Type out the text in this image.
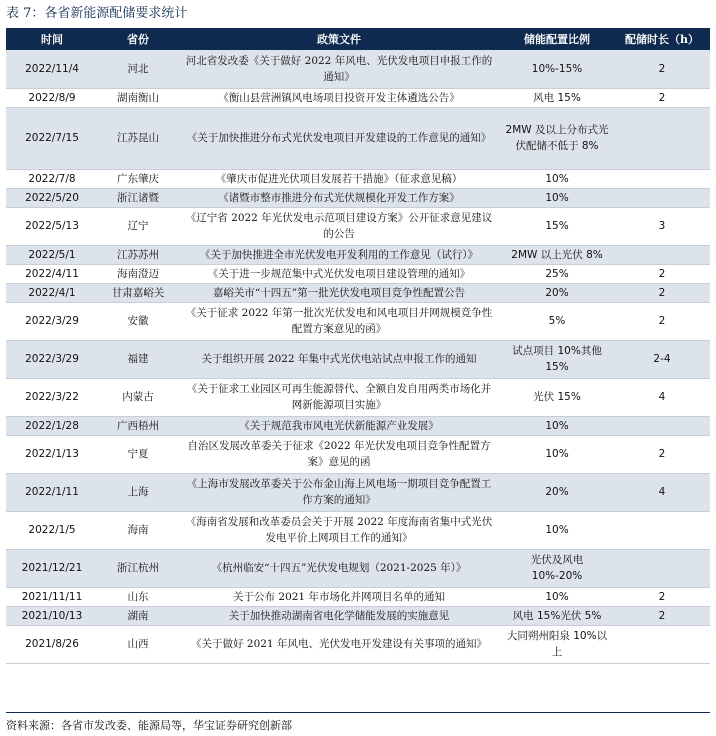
表 7：各省新能源配储要求统计
时间	省份	政策文件	储能配置比例	配储时长（h）
2022/11/4	河北	河北省发改委《关于做好 2022 年风电、光伏发电项目申报工作的通知》	10%-15%	2
2022/8/9	湖南衡山	《衡山县营洲镇风电场项目投资开发主体遴选公告》	风电 15%	2
2022/7/15	江苏昆山	《关于加快推进分布式光伏发电项目开发建设的工作意见的通知》	2MW 及以上分布式光伏配储不低于 8%	
2022/7/8	广东肇庆	《肇庆市促进光伏项目发展若干措施》（征求意见稿）	10%	
2022/5/20	浙江诸暨	《诸暨市整市推进分布式光伏规模化开发工作方案》	10%	
2022/5/13	辽宁	《辽宁省 2022 年光伏发电示范项目建设方案》公开征求意见建议的公告	15%	3
2022/5/1	江苏苏州	《关于加快推进全市光伏发电开发利用的工作意见（试行）》	2MW 以上光伏 8%	
2022/4/11	海南澄迈	《关于进一步规范集中式光伏发电项目建设管理的通知》	25%	2
2022/4/1	甘肃嘉峪关	嘉峪关市“十四五”第一批光伏发电项目竞争性配置公告	20%	2
2022/3/29	安徽	《关于征求 2022 年第一批次光伏发电和风电项目并网规模竞争性配置方案意见的函》	5%	2
2022/3/29	福建	关于组织开展 2022 年集中式光伏电站试点申报工作的通知	试点项目 10%其他 15%	2-4
2022/3/22	内蒙古	《关于征求工业园区可再生能源替代、全额自发自用两类市场化并网新能源项目实施》	光伏 15%	4
2022/1/28	广西梧州	《关于规范我市风电光伏新能源产业发展》	10%	
2022/1/13	宁夏	自治区发展改革委关于征求《2022 年光伏发电项目竞争性配置方案》意见的函	10%	2
2022/1/11	上海	《上海市发展改革委关于公布金山海上风电场一期项目竞争配置工作方案的通知》	20%	4
2022/1/5	海南	《海南省发展和改革委员会关于开展 2022 年度海南省集中式光伏发电平价上网项目工作的通知》	10%	
2021/12/21	浙江杭州	《杭州临安“十四五”光伏发电规划（2021-2025 年）》	光伏及风电 10%-20%	
2021/11/11	山东	关于公布 2021 年市场化并网项目名单的通知	10%	2
2021/10/13	湖南	关于加快推动湖南省电化学储能发展的实施意见	风电 15%光伏 5%	2
2021/8/26	山西	《关于做好 2021 年风电、光伏发电开发建设有关事项的通知》	大同朔州阳泉 10%以上	
资料来源：各省市发改委、能源局等，华宝证券研究创新部
